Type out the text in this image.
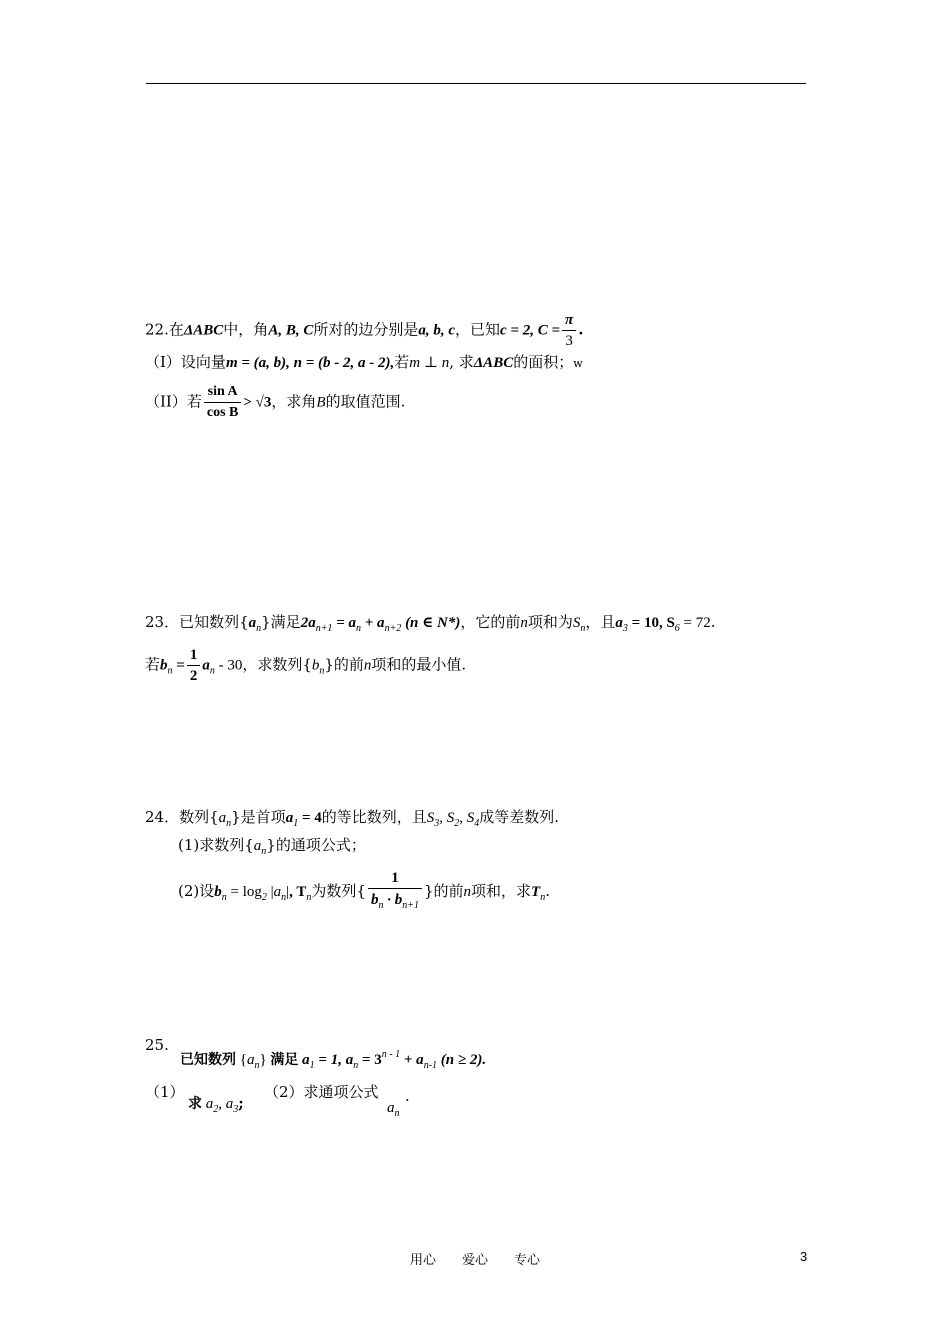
22.在ΔABC中，角A, B, C所对的边分别是a, b, c，已知c = 2, $C = \frac{\pi}{3}$ .
（I）设向量m = (a, b), n = (b - 2, a - 2),若m ⊥ n, 求ΔABC的面积；w
（II）若 $\frac{\text{sin A}}{\text{cos B}} > √3$，求角B的取值范围.
23．已知数列$\{a_n\}$满足$2a_{n+1} = a_n + a_{n+2}$ (n ∈ N*)，它的前n项和为$S_n$，且$a_3 = 10$, $S_6 = 72$.
若$b_n = \frac{1}{2} a_n - 30$，求数列$\{b_n\}$的前n项和的最小值.
24．数列$\{a_n\}$是首项$a_1 = 4$的等比数列，且$S_3$, $S_2$, $S_4$成等差数列.
(1)求数列$\{a_n\}$的通项公式；
(2)设$b_n = \log_2 |a_n|$, $T_n$为数列{ $\frac{1}{b_n \cdot b_{n+1}}$ }的前n项和，求$T_n$.
25.
已知数列 $\{a_n\}$ 满足 $a_1 = 1$, $a_n = 3^{n - 1} + a_{n-1}$ (n ≥ 2).
（1）
求 $a_2$, $a_3$;
（2）求通项公式
$a_n$
.
用心　　爱心　　专心	3
